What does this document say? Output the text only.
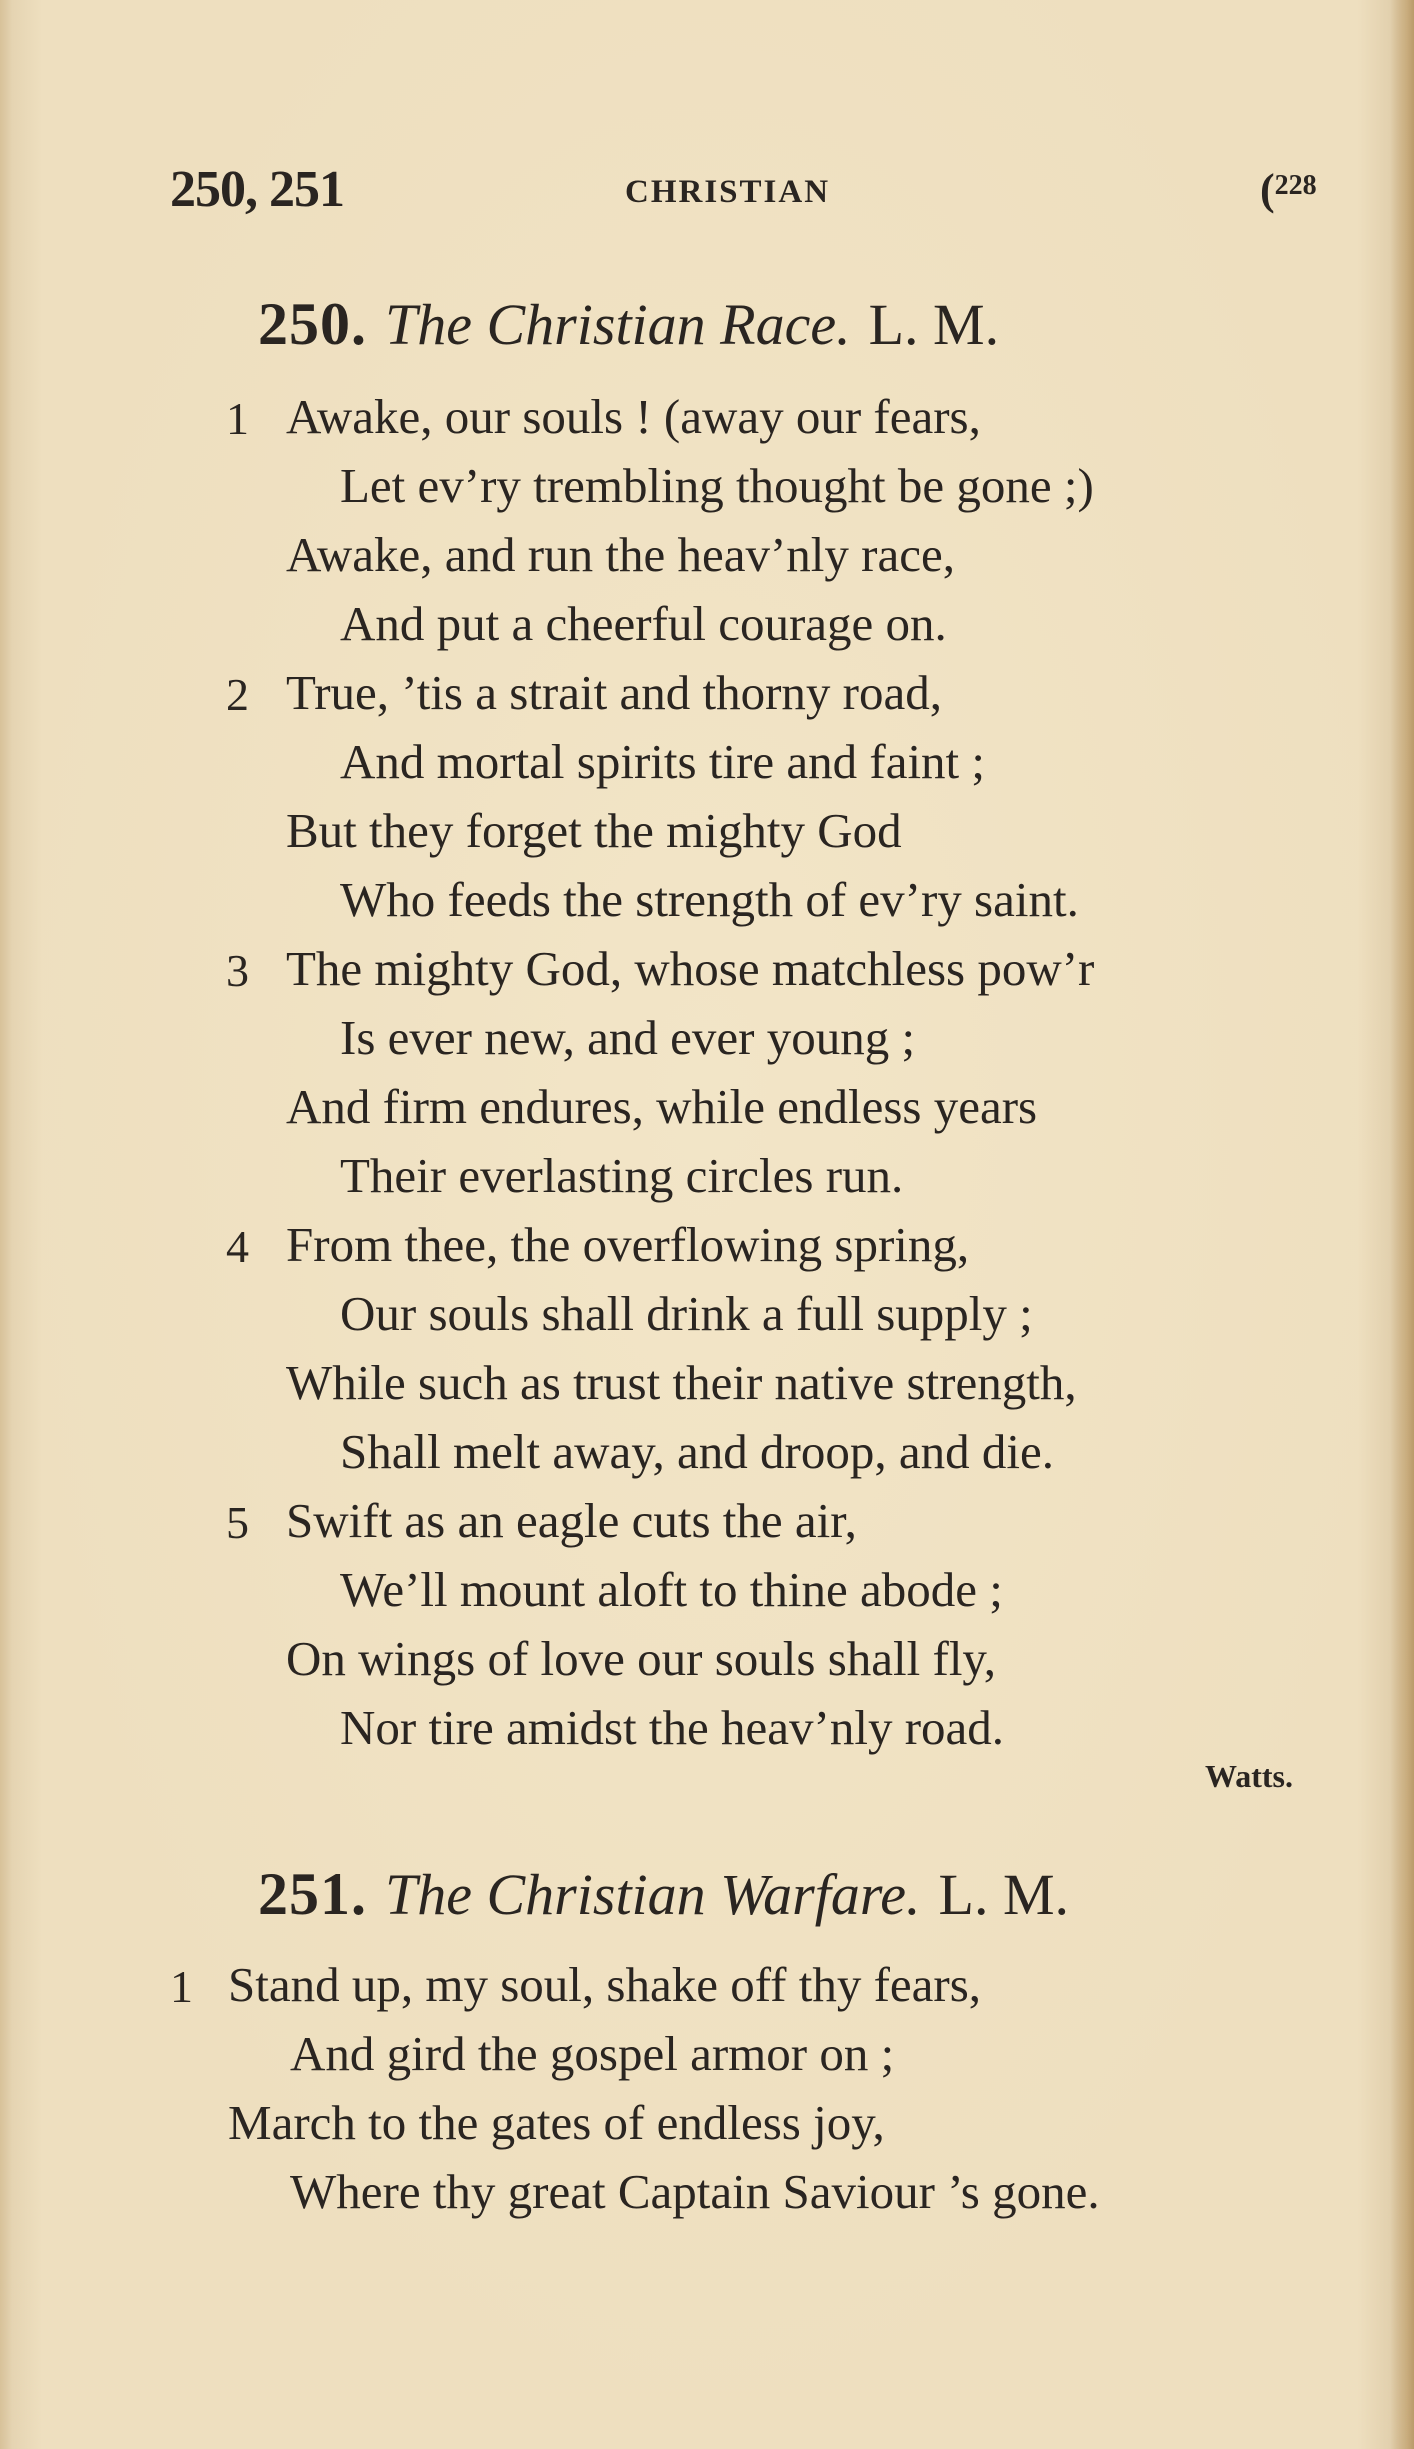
250, 251	CHRISTIAN	($^{228}$
250. The Christian Race. L. M.
1 Awake, our souls ! (away our fears,
Let ev’ry trembling thought be gone ;)
Awake, and run the heav’nly race,
And put a cheerful courage on.
2 True, ’tis a strait and thorny road,
And mortal spirits tire and faint ;
But they forget the mighty God
Who feeds the strength of ev’ry saint.
3 The mighty God, whose matchless pow’r
Is ever new, and ever young ;
And firm endures, while endless years
Their everlasting circles run.
4 From thee, the overflowing spring,
Our souls shall drink a full supply ;
While such as trust their native strength,
Shall melt away, and droop, and die.
5 Swift as an eagle cuts the air,
We’ll mount aloft to thine abode ;
On wings of love our souls shall fly,
Nor tire amidst the heav’nly road.
Watts.
251. The Christian Warfare. L. M.
1 Stand up, my soul, shake off thy fears,
And gird the gospel armor on ;
March to the gates of endless joy,
Where thy great Captain Saviour ’s gone.
